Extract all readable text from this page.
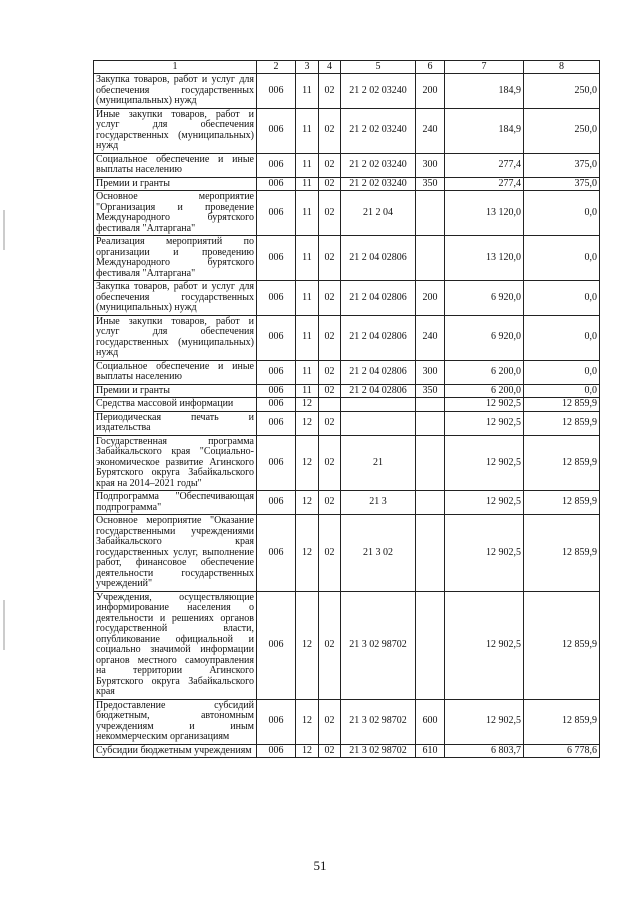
1	2	3	4	5	6	7	8
Закупка товаров, работ и услуг для обеспечения государственных (муниципальных) нужд	006	11	02	21 2 02 03240	200	184,9	250,0
Иные закупки товаров, работ и услуг для обеспечения государственных (муниципальных) нужд	006	11	02	21 2 02 03240	240	184,9	250,0
Социальное обеспечение и иные выплаты населению	006	11	02	21 2 02 03240	300	277,4	375,0
Премии и гранты	006	11	02	21 2 02 03240	350	277,4	375,0
Основное мероприятие "Организация и проведение Международного бурятского фестиваля "Алтаргана"	006	11	02	21 2 04		13 120,0	0,0
Реализация мероприятий по организации и проведению Международного бурятского фестиваля "Алтаргана"	006	11	02	21 2 04 02806		13 120,0	0,0
Закупка товаров, работ и услуг для обеспечения государственных (муниципальных) нужд	006	11	02	21 2 04 02806	200	6 920,0	0,0
Иные закупки товаров, работ и услуг для обеспечения государственных (муниципальных) нужд	006	11	02	21 2 04 02806	240	6 920,0	0,0
Социальное обеспечение и иные выплаты населению	006	11	02	21 2 04 02806	300	6 200,0	0,0
Премии и гранты	006	11	02	21 2 04 02806	350	6 200,0	0,0
Средства массовой информации	006	12				12 902,5	12 859,9
Периодическая печать и издательства	006	12	02			12 902,5	12 859,9
Государственная программа Забайкальского края "Социально-экономическое развитие Агинского Бурятского округа Забайкальского края на 2014–2021 годы"	006	12	02	21		12 902,5	12 859,9
Подпрограмма "Обеспечивающая подпрограмма"	006	12	02	21 3		12 902,5	12 859,9
Основное мероприятие "Оказание государственными учреждениями Забайкальского края государственных услуг, выполнение работ, финансовое обеспечение деятельности государственных учреждений"	006	12	02	21 3 02		12 902,5	12 859,9
Учреждения, осуществляющие информирование населения о деятельности и решениях органов государственной власти, опубликование официальной и социально значимой информации органов местного самоуправления на территории Агинского Бурятского округа Забайкальского края	006	12	02	21 3 02 98702		12 902,5	12 859,9
Предоставление субсидий бюджетным, автономным учреждениям и иным некоммерческим организациям	006	12	02	21 3 02 98702	600	12 902,5	12 859,9
Субсидии бюджетным учреждениям	006	12	02	21 3 02 98702	610	6 803,7	6 778,6
51
